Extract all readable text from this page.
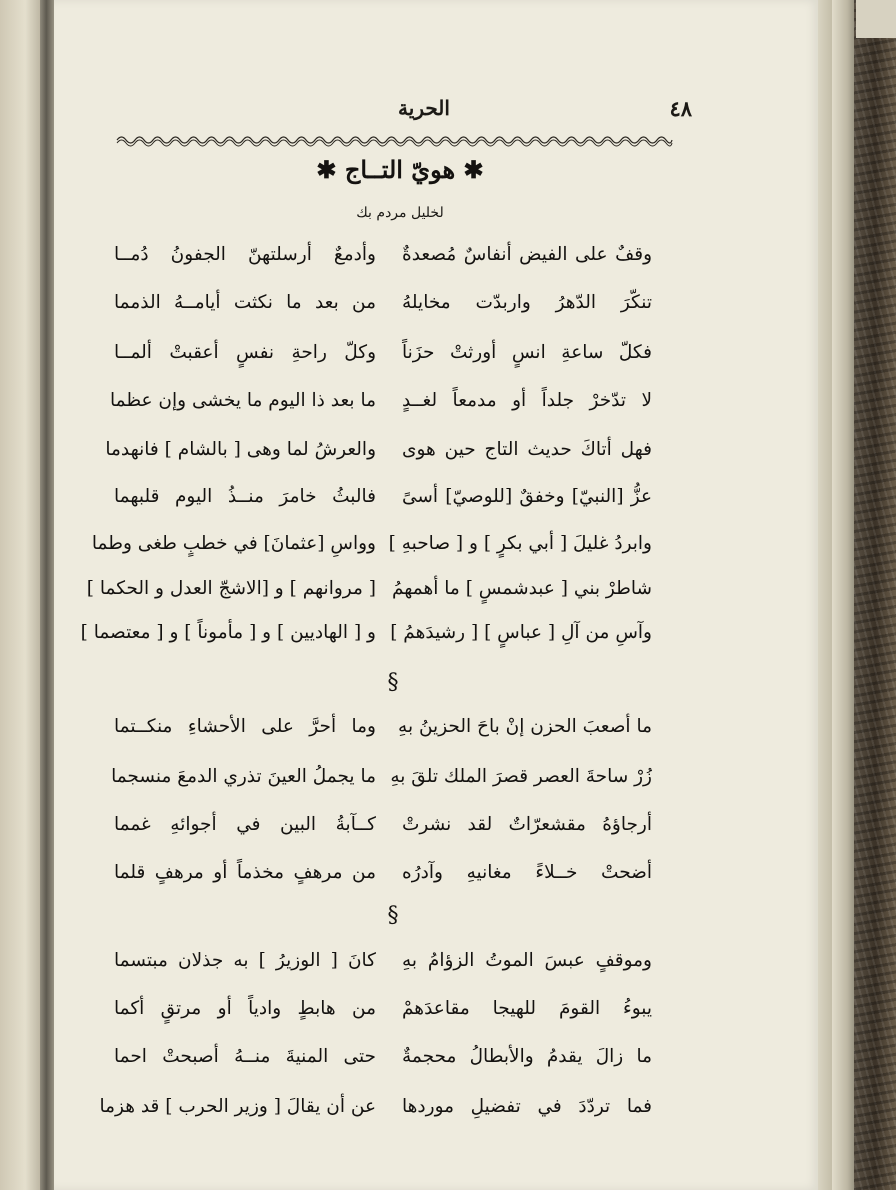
٤٨
الحرية
✱ هويّ التــاج ✱
لخليل مردم بك
وقفٌ على الفيض أنفاسٌ مُصعدةٌ
وأدمعٌ أرسلتهنّ الجفونُ دُمــا
تنكّرَ الدّهرُ واربدّت مخايلهُ
من بعد ما نكثت أيامــهُ الذمما
فكلّ ساعةِ انسٍ أورثتْ حزَناً
وكلّ راحةِ نفسٍ أعقبتْ ألمــا
لا تدّخرْ جلداً أو مدمعاً لغــدٍ
ما بعد ذا اليوم ما يخشى وإن عظما
فهل أتاكَ حديث التاج حين هوى
والعرشُ لما وهى [ بالشام ] فانهدما
عزُّ [النبيّ] وخفقٌ [للوصيّ] أسىً
فالبثُ خامرَ منــذُ اليوم قلبهما
وابردُ غليلَ [ أبي بكرٍ ] و [ صاحبهِ ]
وواسِ [عثمانَ] في خطبٍ طغى وطما
شاطرْ بني [ عبدشمسٍ ] ما أهمهمُ
[ مروانهم ] و [الاشجّ العدل و الحكما ]
وآسِ من آلِ [ عباسٍ ] [ رشيدَهمُ ]
و [ الهاديين ] و [ مأموناً ] و [ معتصما ]
§
ما أصعبَ الحزن إنْ باحَ الحزينُ بهِ
وما أحرَّ على الأحشاءِ منكــتما
زُرْ ساحةَ العصر قصرَ الملك تلقَ بهِ
ما يجملُ العينَ تذري الدمعَ منسجما
أرجاؤهُ مقشعرّاتٌ لقد نشرتْ
كــآبةُ البين في أجوائهِ غمما
أضحتْ خــلاءً مغانيهِ وآدرُه
من مرهفٍ مخذماً أو مرهفٍ قلما
§
وموقفٍ عبسَ الموتُ الزؤامُ بهِ
كانَ [ الوزيرُ ] به جذلان مبتسما
يبوءُ القومَ للهيجا مقاعدَهمْ
من هابطٍ وادياً أو مرتقٍ أكما
ما زالَ يقدمُ والأبطالُ محجمةٌ
حتى المنيةَ منــهُ أصبحتْ احما
فما تردّدَ في تفضيلِ موردها
عن أن يقالَ [ وزير الحرب ] قد هزما
